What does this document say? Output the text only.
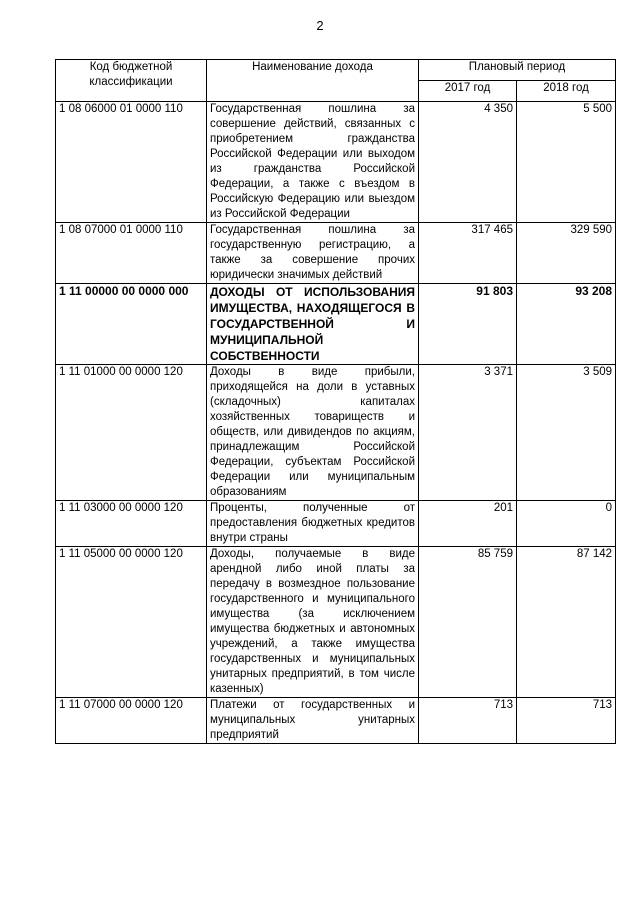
2
Код бюджетной классификации	Наименование дохода	Плановый период	
		2017 год	2018 год
1 08 06000 01 0000 110	Государственная пошлина за совершение действий, связанных с приобретением гражданства Российской Федерации или выходом из гражданства Российской Федерации, а также с въездом в Российскую Федерацию или выездом из Российской Федерации	4 350	5 500
1 08 07000 01 0000 110	Государственная пошлина за государственную регистрацию, а также за совершение прочих юридически значимых действий	317 465	329 590
1 11 00000 00 0000 000	ДОХОДЫ ОТ ИСПОЛЬЗОВАНИЯ ИМУЩЕСТВА, НАХОДЯЩЕГОСЯ В ГОСУДАРСТВЕННОЙ И МУНИЦИПАЛЬНОЙ СОБСТВЕННОСТИ	91 803	93 208
1 11 01000 00 0000 120	Доходы в виде прибыли, приходящейся на доли в уставных (складочных) капиталах хозяйственных товариществ и обществ, или дивидендов по акциям, принадлежащим Российской Федерации, субъектам Российской Федерации или муниципальным образованиям	3 371	3 509
1 11 03000 00 0000 120	Проценты, полученные от предоставления бюджетных кредитов внутри страны	201	0
1 11 05000 00 0000 120	Доходы, получаемые в виде арендной либо иной платы за передачу в возмездное пользование государственного и муниципального имущества (за исключением имущества бюджетных и автономных учреждений, а также имущества государственных и муниципальных унитарных предприятий, в том числе казенных)	85 759	87 142
1 11 07000 00 0000 120	Платежи от государственных и муниципальных унитарных предприятий	713	713
